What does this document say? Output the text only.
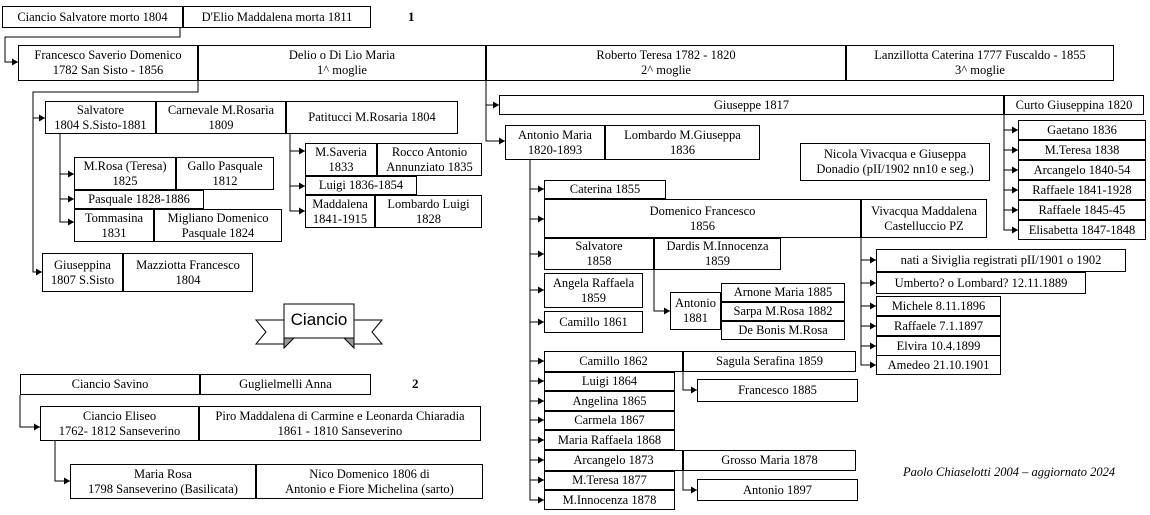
1
2
Ciancio
Paolo Chiaselotti 2004 – aggiornato 2024
Ciancio Salvatore morto 1804	D'Elio Maddalena morta 1811
Francesco Saverio Domenico
1782 San Sisto - 1856
Delio o Di Lio Maria
1^ moglie
Roberto Teresa 1782 - 1820
2^ moglie
Lanzillotta Caterina 1777 Fuscaldo - 1855
3^ moglie
Salvatore
1804 S.Sisto-1881
Carnevale M.Rosaria
1809
Patitucci M.Rosaria 1804
Giuseppe 1817	Curto Giuseppina 1820
Antonio Maria
1820-1893
Lombardo M.Giuseppa
1836
Gaetano 1836
M.Teresa 1838
Arcangelo 1840-54
Raffaele 1841-1928
Raffaele 1845-45
Elisabetta 1847-1848
M.Saveria
1833
Rocco Antonio
Annunziato 1835
Luigi 1836-1854
Maddalena
1841-1915
Lombardo Luigi
1828
M.Rosa (Teresa)
1825
Gallo Pasquale
1812
Pasquale 1828-1886
Tommasina
1831
Migliano Domenico
Pasquale 1824
Giuseppina
1807 S.Sisto
Mazziotta Francesco
1804
Nicola Vivacqua e Giuseppa
Donadio (pII/1902 nn10 e seg.)
Caterina 1855
Domenico Francesco
1856
Vivacqua Maddalena
Castelluccio PZ
Salvatore
1858
Dardis M.Innocenza
1859
Angela Raffaela
1859
Camillo 1861
Antonio
1881
Arnone Maria 1885
Sarpa M.Rosa 1882
De Bonis M.Rosa
nati a Siviglia registrati pII/1901 o 1902
Umberto? o Lombard? 12.11.1889
Michele 8.11.1896
Raffaele 7.1.1897
Elvira 10.4.1899
Amedeo 21.10.1901
Camillo 1862	Sagula Serafina 1859
Luigi 1864
Francesco 1885
Angelina 1865
Carmela 1867
Maria Raffaela 1868
Arcangelo 1873	Grosso Maria 1878
M.Teresa 1877
Antonio 1897
M.Innocenza 1878
Ciancio Savino	Guglielmelli Anna
Ciancio Eliseo
1762- 1812 Sanseverino
Piro Maddalena di Carmine e Leonarda Chiaradia
1861 - 1810 Sanseverino
Maria Rosa
1798 Sanseverino (Basilicata)
Nico Domenico 1806 di
Antonio e Fiore Michelina (sarto)
